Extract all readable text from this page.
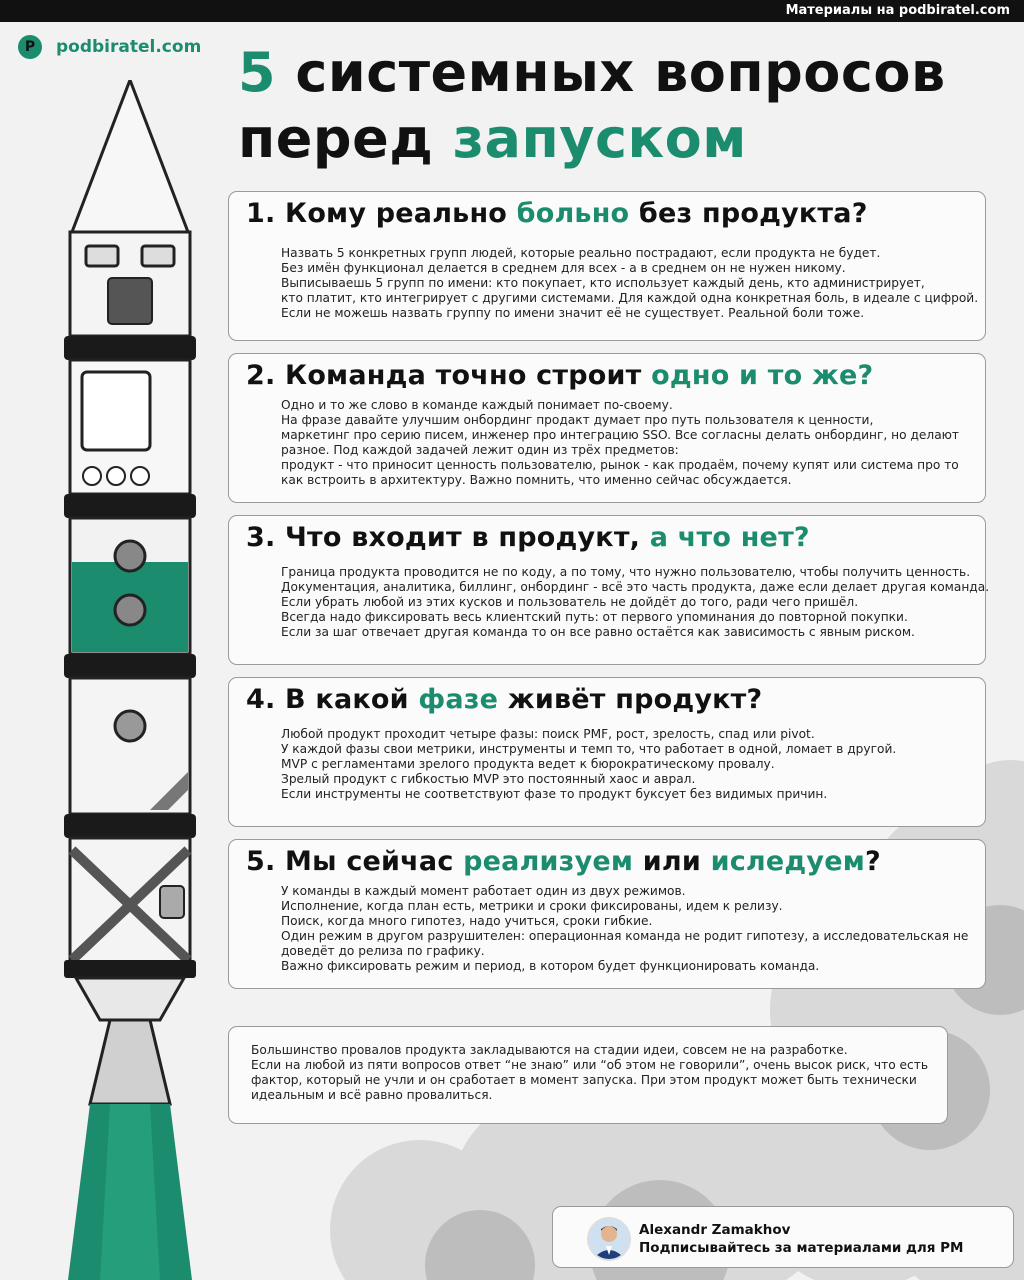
Материалы на podbiratel.com
P	podbiratel.com 5 системных вопросов
перед запуском
1. Кому реально больно без продукта?
Назвать 5 конкретных групп людей, которые реально пострадают, если продукта не будет.
Без имён функционал делается в среднем для всех - а в среднем он не нужен никому.
Выписываешь 5 групп по имени: кто покупает, кто использует каждый день, кто администрирует,
кто платит, кто интегрирует с другими системами. Для каждой одна конкретная боль, в идеале с цифрой.
Если не можешь назвать группу по имени значит её не существует. Реальной боли тоже.
2. Команда точно строит одно и то же?
Одно и то же слово в команде каждый понимает по-своему.
На фразе давайте улучшим онбординг продакт думает про путь пользователя к ценности,
маркетинг про серию писем, инженер про интеграцию SSO. Все согласны делать онбординг, но делают
разное. Под каждой задачей лежит один из трёх предметов:
продукт - что приносит ценность пользователю, рынок - как продаём, почему купят или система про то
как встроить в архитектуру. Важно помнить, что именно сейчас обсуждается.
3. Что входит в продукт, а что нет?
Граница продукта проводится не по коду, а по тому, что нужно пользователю, чтобы получить ценность.
Документация, аналитика, биллинг, онбординг - всё это часть продукта, даже если делает другая команда.
Если убрать любой из этих кусков и пользователь не дойдёт до того, ради чего пришёл.
Всегда надо фиксировать весь клиентский путь: от первого упоминания до повторной покупки.
Если за шаг отвечает другая команда то он все равно остаётся как зависимость с явным риском.
4. В какой фазе живёт продукт?
Любой продукт проходит четыре фазы: поиск PMF, рост, зрелость, спад или pivot.
У каждой фазы свои метрики, инструменты и темп то, что работает в одной, ломает в другой.
MVP с регламентами зрелого продукта ведет к бюрократическому провалу.
Зрелый продукт с гибкостью MVP это постоянный хаос и аврал.
Если инструменты не соответствуют фазе то продукт буксует без видимых причин.
5. Мы сейчас реализуем или иследуем?
У команды в каждый момент работает один из двух режимов.
Исполнение, когда план есть, метрики и сроки фиксированы, идем к релизу.
Поиск, когда много гипотез, надо учиться, сроки гибкие.
Один режим в другом разрушителен: операционная команда не родит гипотезу, а исследовательская не
доведёт до релиза по графику.
Важно фиксировать режим и период, в котором будет функционировать команда.
Большинство провалов продукта закладываются на стадии идеи, совсем не на разработке.
Если на любой из пяти вопросов ответ “не знаю” или “об этом не говорили”, очень высок риск, что есть
фактор, который не учли и он сработает в момент запуска. При этом продукт может быть технически
идеальным и всё равно провалиться.
Alexandr Zamakhov
Подписывайтесь за материалами для PM
